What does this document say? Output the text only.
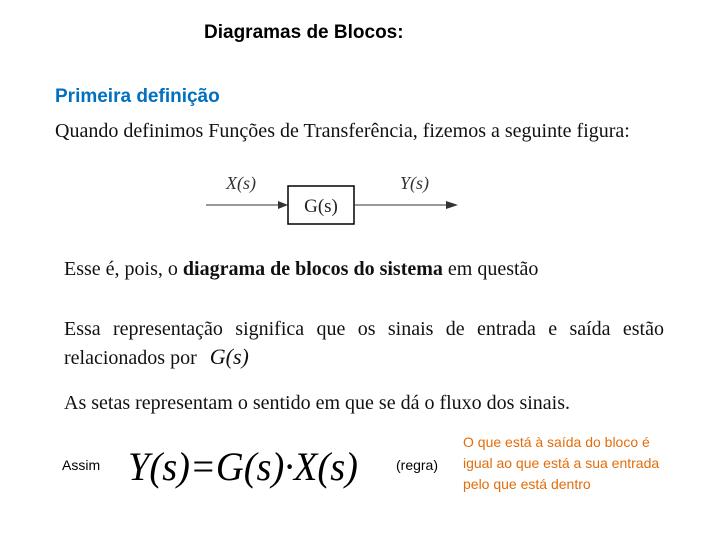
Diagramas de Blocos:
Primeira definição
Quando definimos Funções de Transferência, fizemos a seguinte figura:
X(s)
G(s)
Y(s)
Esse é, pois, o diagrama de blocos do sistema em questão
Essa representação significa que os sinais de entrada e saída estão relacionados por G(s)
As setas representam o sentido em que se dá o fluxo dos sinais.
Assim Y(s)=G(s)·X(s)	(regra)
O que está à saída do bloco é igual ao que está a sua entrada pelo que está dentro
